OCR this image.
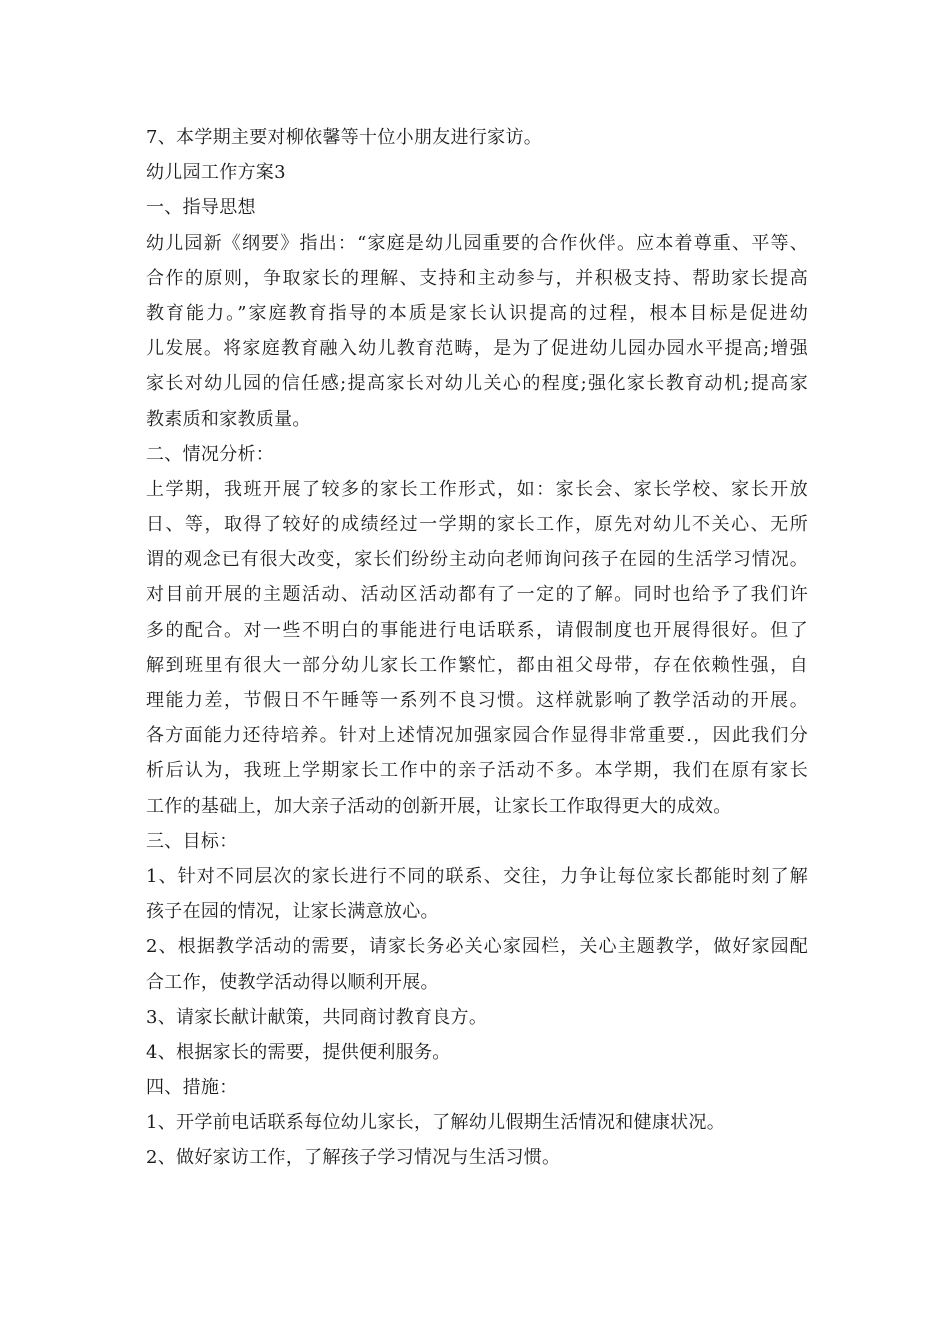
7、本学期主要对柳依馨等十位小朋友进行家访。
幼儿园工作方案3
一、指导思想
幼儿园新《纲要》指出：“家庭是幼儿园重要的合作伙伴。应本着尊重、平等、
合作的原则，争取家长的理解、支持和主动参与，并积极支持、帮助家长提高
教育能力。”家庭教育指导的本质是家长认识提高的过程，根本目标是促进幼
儿发展。将家庭教育融入幼儿教育范畴，是为了促进幼儿园办园水平提高;增强
家长对幼儿园的信任感;提高家长对幼儿关心的程度;强化家长教育动机;提高家
教素质和家教质量。
二、情况分析：
上学期，我班开展了较多的家长工作形式，如：家长会、家长学校、家长开放
日、等，取得了较好的成绩经过一学期的家长工作，原先对幼儿不关心、无所
谓的观念已有很大改变，家长们纷纷主动向老师询问孩子在园的生活学习情况。
对目前开展的主题活动、活动区活动都有了一定的了解。同时也给予了我们许
多的配合。对一些不明白的事能进行电话联系，请假制度也开展得很好。但了
解到班里有很大一部分幼儿家长工作繁忙，都由祖父母带，存在依赖性强，自
理能力差，节假日不午睡等一系列不良习惯。这样就影响了教学活动的开展。
各方面能力还待培养。针对上述情况加强家园合作显得非常重要.，因此我们分
析后认为，我班上学期家长工作中的亲子活动不多。本学期，我们在原有家长
工作的基础上，加大亲子活动的创新开展，让家长工作取得更大的成效。
三、目标：
1、针对不同层次的家长进行不同的联系、交往，力争让每位家长都能时刻了解
孩子在园的情况，让家长满意放心。
2、根据教学活动的需要，请家长务必关心家园栏，关心主题教学，做好家园配
合工作，使教学活动得以顺利开展。
3、请家长献计献策，共同商讨教育良方。
4、根据家长的需要，提供便利服务。
四、措施：
1、开学前电话联系每位幼儿家长，了解幼儿假期生活情况和健康状况。
2、做好家访工作，了解孩子学习情况与生活习惯。
